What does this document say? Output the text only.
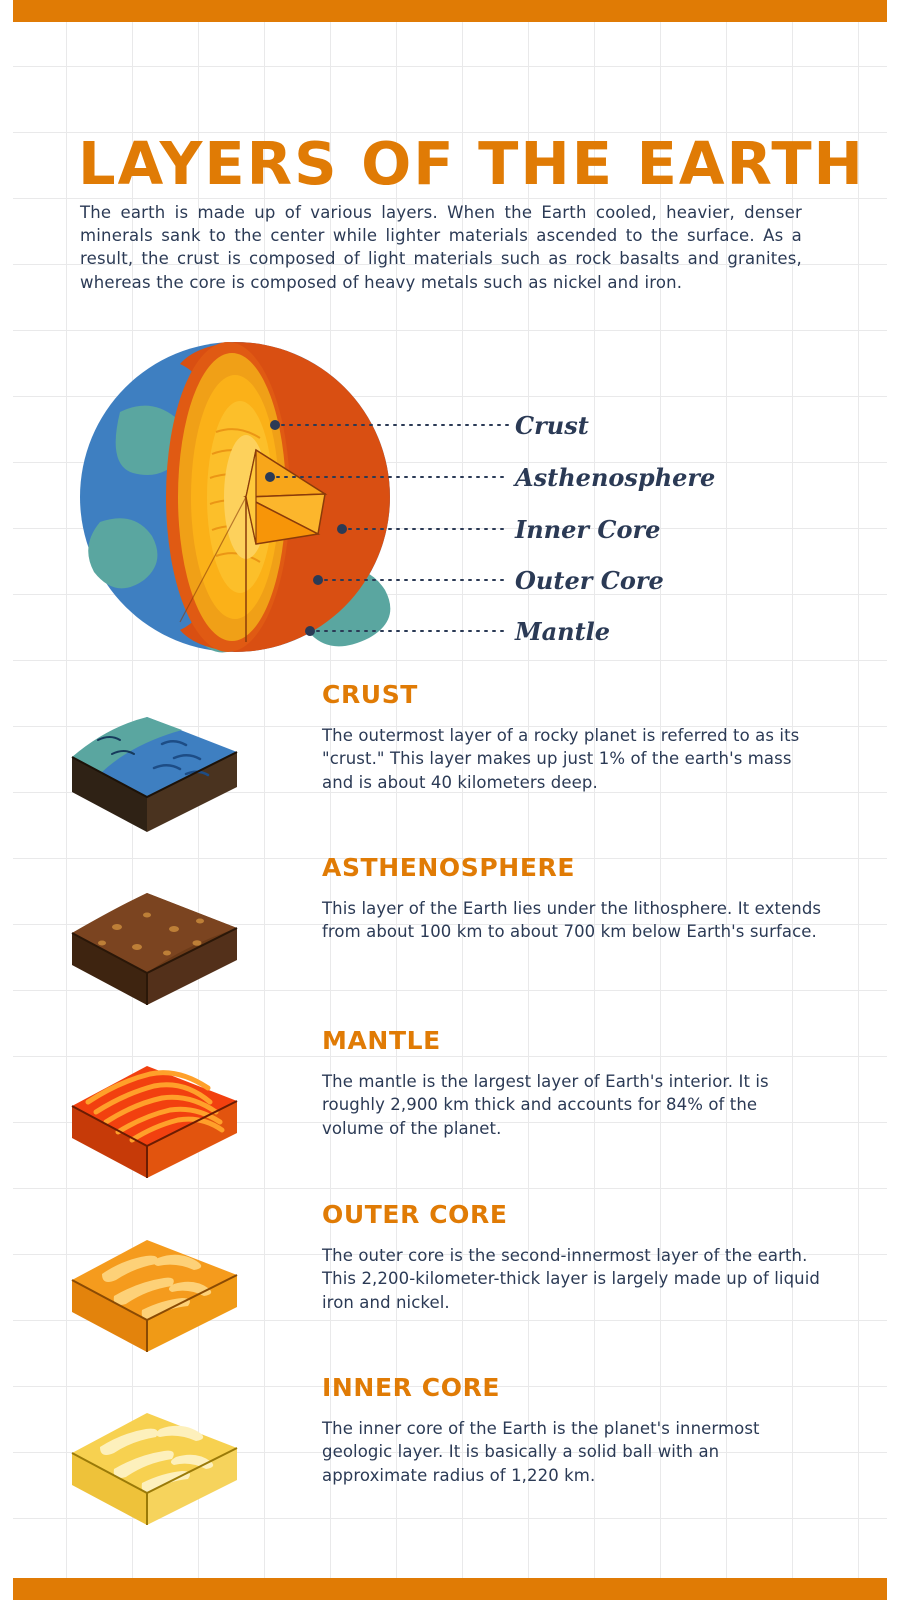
LAYERS OF THE EARTH

The earth is made up of various layers. When the Earth cooled, heavier, denser minerals sank to the center while lighter materials ascended to the surface. As a result, the crust is composed of light materials such as rock basalts and granites, whereas the core is composed of heavy metals such as nickel and iron.

Crust
Asthenosphere
Inner Core
Outer Core
Mantle
CRUST

The outermost layer of a rocky planet is referred to as its "crust." This layer makes up just 1% of the earth's mass and is about 40 kilometers deep.

ASTHENOSPHERE

This layer of the Earth lies under the lithosphere. It extends from about 100 km to about 700 km below Earth's surface.

MANTLE

The mantle is the largest layer of Earth's interior. It is roughly 2,900 km thick and accounts for 84% of the volume of the planet.

OUTER CORE

The outer core is the second-innermost layer of the earth. This 2,200-kilometer-thick layer is largely made up of liquid iron and nickel.

INNER CORE

The inner core of the Earth is the planet's innermost geologic layer. It is basically a solid ball with an approximate radius of 1,220 km.
